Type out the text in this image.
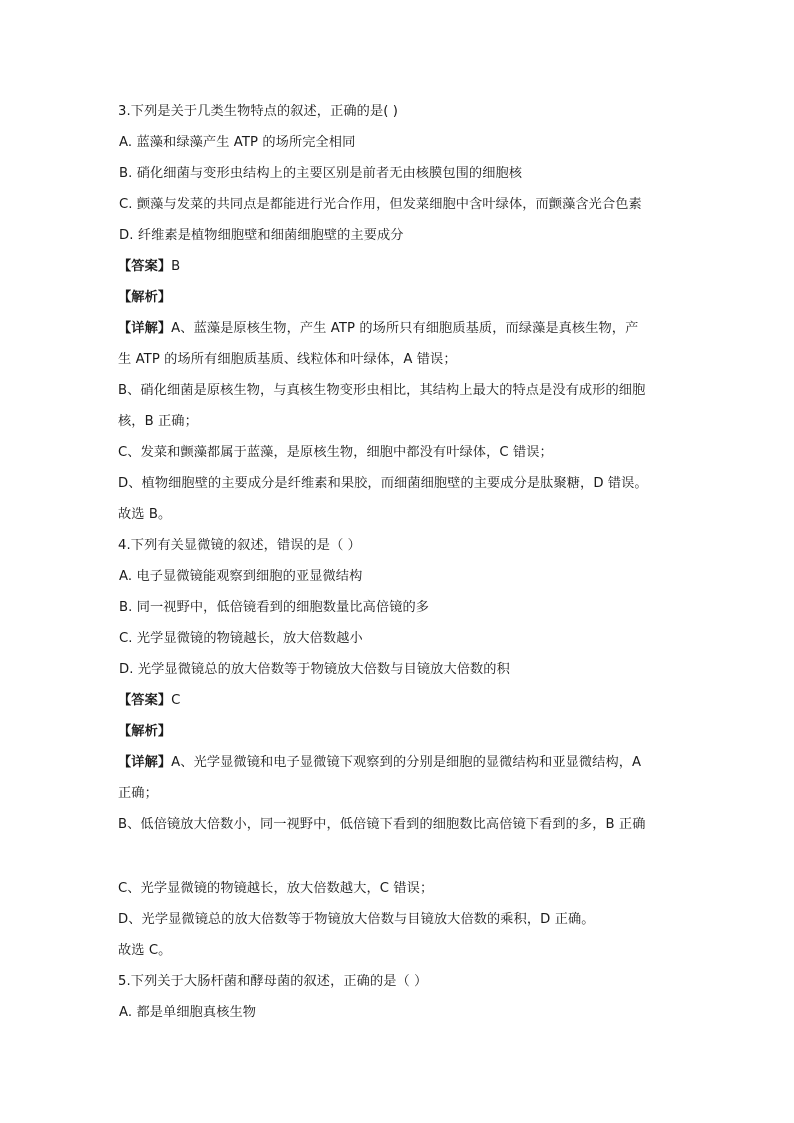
3.下列是关于几类生物特点的叙述，正确的是( )
A. 蓝藻和绿藻产生 ATP 的场所完全相同
B. 硝化细菌与变形虫结构上的主要区别是前者无由核膜包围的细胞核
C. 颤藻与发菜的共同点是都能进行光合作用，但发菜细胞中含叶绿体，而颤藻含光合色素
D. 纤维素是植物细胞壁和细菌细胞壁的主要成分
【答案】B
【解析】
【详解】A、蓝藻是原核生物，产生 ATP 的场所只有细胞质基质，而绿藻是真核生物，产
生 ATP 的场所有细胞质基质、线粒体和叶绿体，A 错误；
B、硝化细菌是原核生物，与真核生物变形虫相比，其结构上最大的特点是没有成形的细胞
核，B 正确；
C、发菜和颤藻都属于蓝藻，是原核生物，细胞中都没有叶绿体，C 错误；
D、植物细胞壁的主要成分是纤维素和果胶，而细菌细胞壁的主要成分是肽聚糖，D 错误。
故选 B。
4.下列有关显微镜的叙述，错误的是（ ）
A. 电子显微镜能观察到细胞的亚显微结构
B. 同一视野中，低倍镜看到的细胞数量比高倍镜的多
C. 光学显微镜的物镜越长，放大倍数越小
D. 光学显微镜总的放大倍数等于物镜放大倍数与目镜放大倍数的积
【答案】C
【解析】
【详解】A、光学显微镜和电子显微镜下观察到的分别是细胞的显微结构和亚显微结构，A
正确；
B、低倍镜放大倍数小，同一视野中，低倍镜下看到的细胞数比高倍镜下看到的多，B 正确
C、光学显微镜的物镜越长，放大倍数越大，C 错误；
D、光学显微镜总的放大倍数等于物镜放大倍数与目镜放大倍数的乘积，D 正确。
故选 C。
5.下列关于大肠杆菌和酵母菌的叙述，正确的是（ ）
A. 都是单细胞真核生物
